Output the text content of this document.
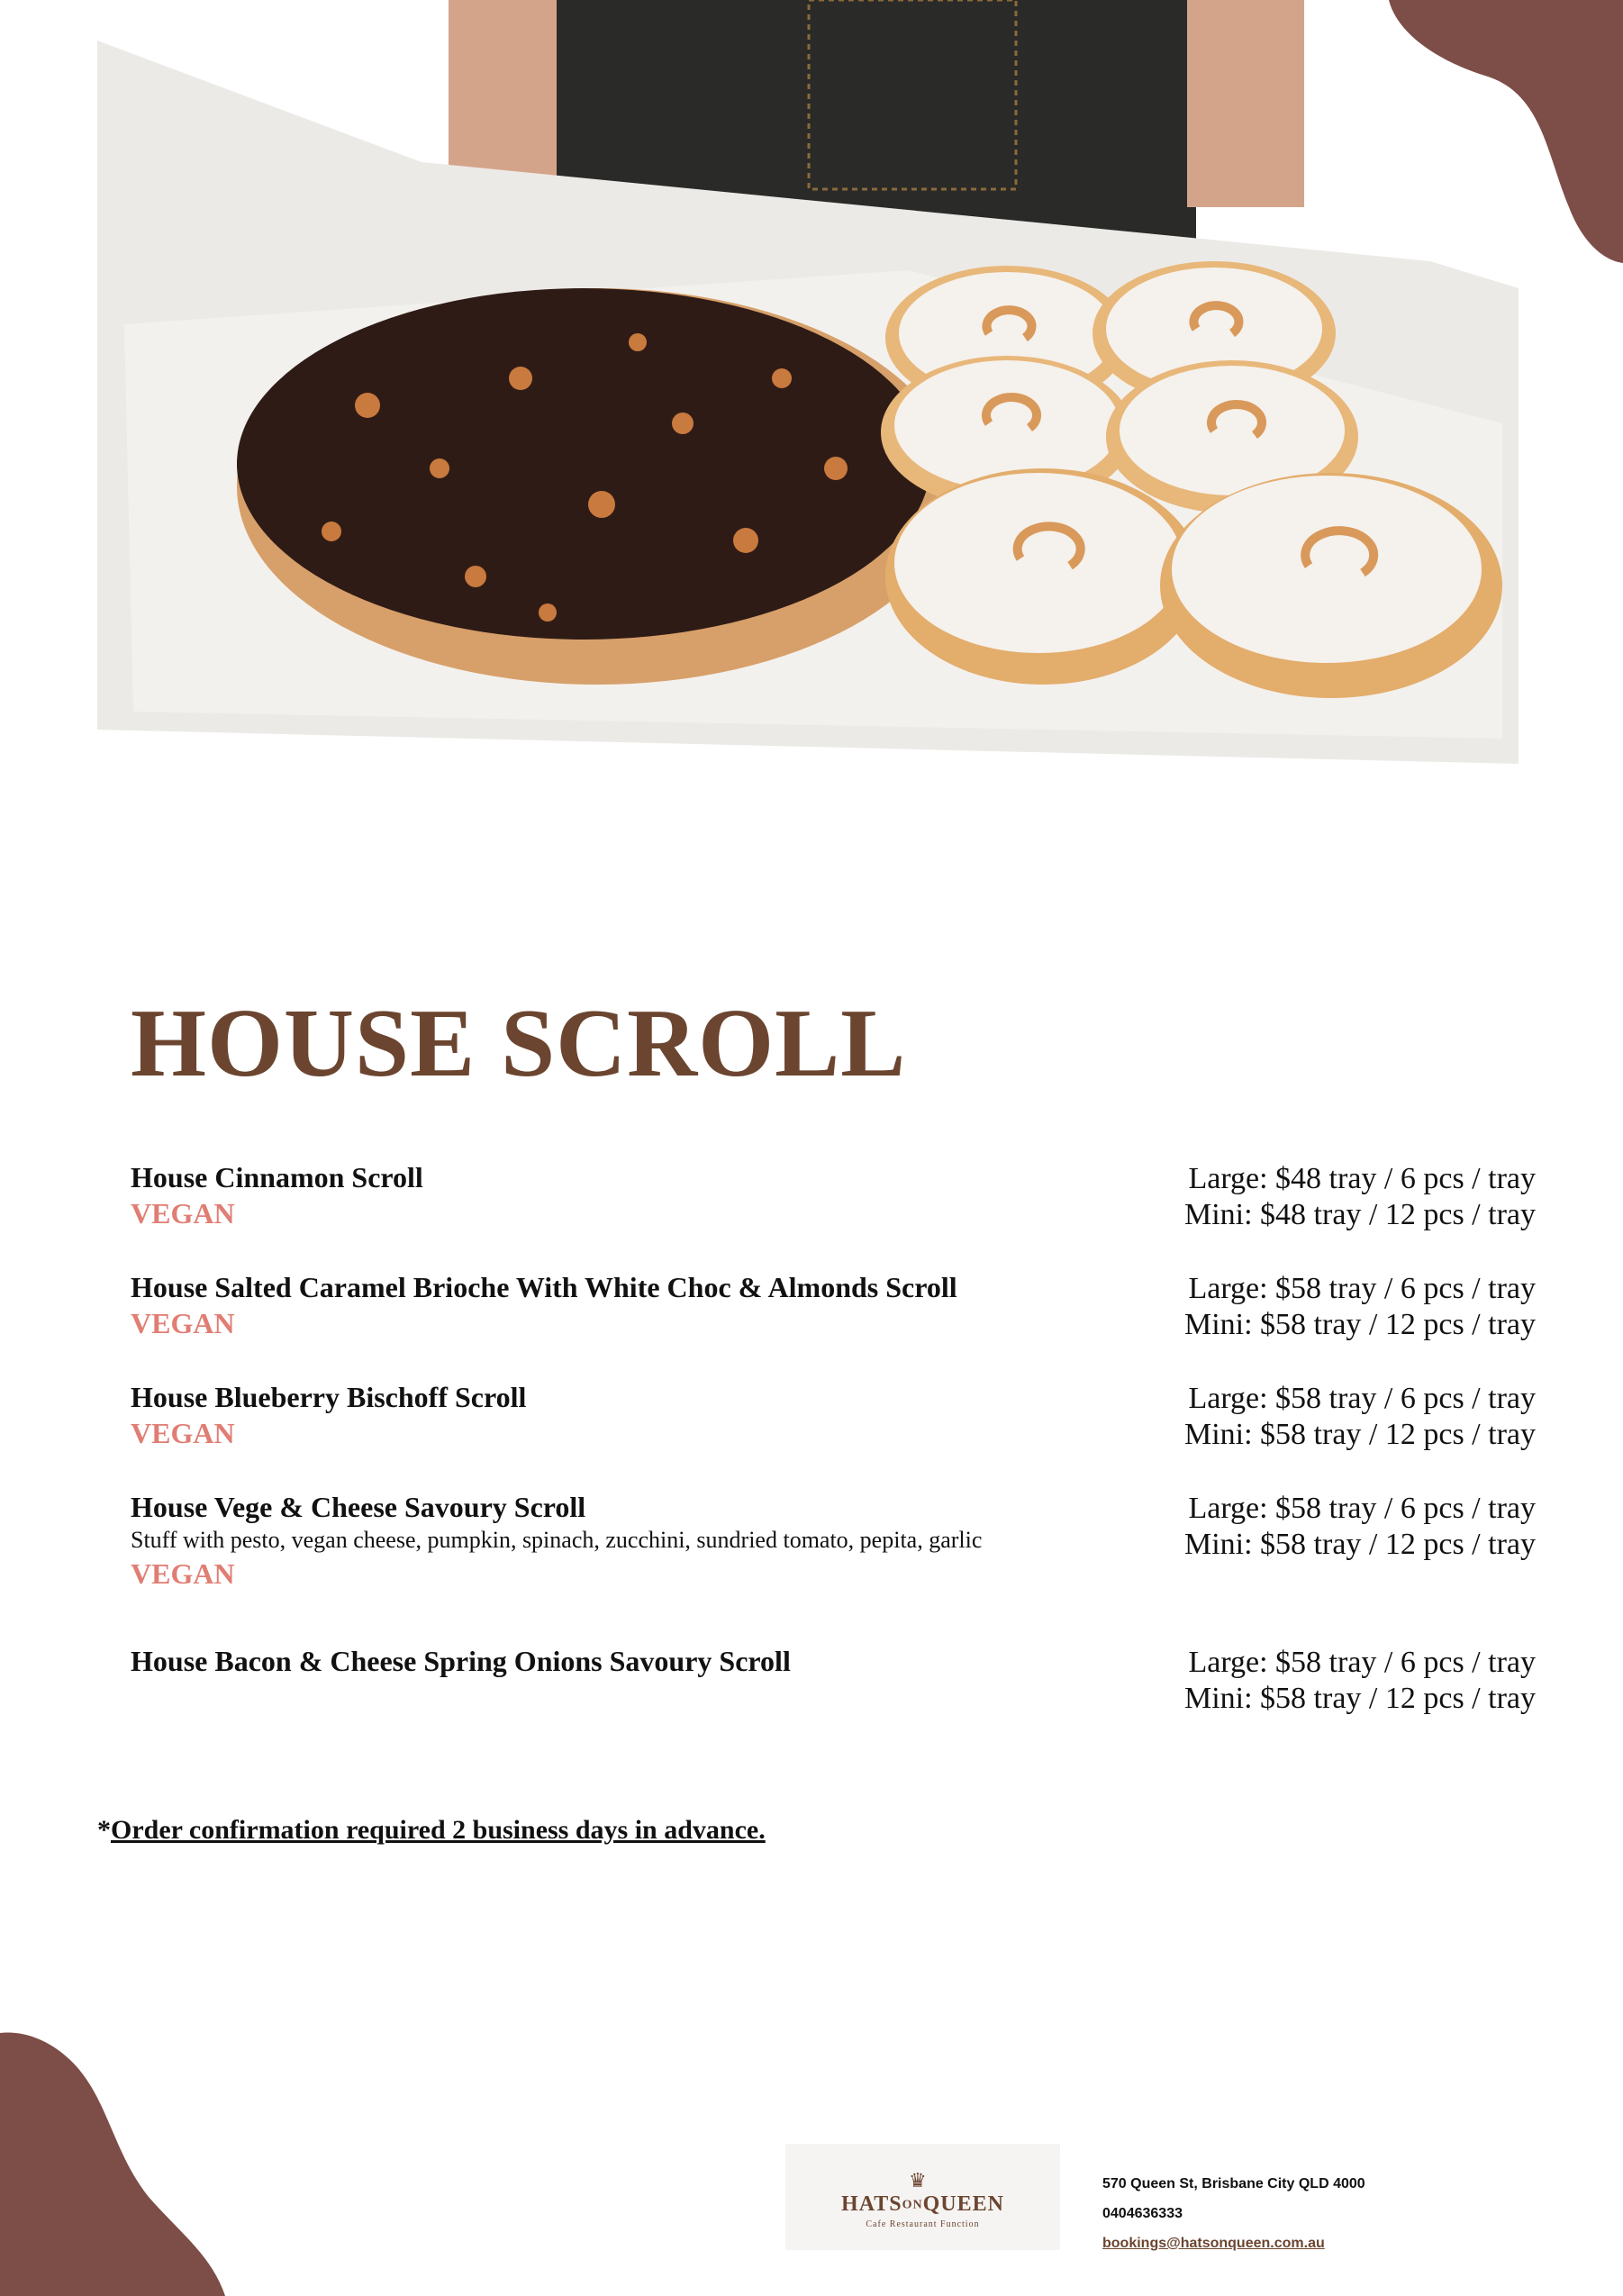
HOUSE SCROLL
House Cinnamon Scroll
VEGAN
Large: $48 tray / 6 pcs / tray
Mini: $48 tray / 12 pcs / tray
House Salted Caramel Brioche With White Choc & Almonds Scroll
VEGAN
Large: $58 tray / 6 pcs / tray
Mini: $58 tray / 12 pcs / tray
House Blueberry Bischoff Scroll
VEGAN
Large: $58 tray / 6 pcs / tray
Mini: $58 tray / 12 pcs / tray
House Vege & Cheese Savoury Scroll
Stuff with pesto, vegan cheese, pumpkin, spinach, zucchini, sundried tomato, pepita, garlic
VEGAN
Large: $58 tray / 6 pcs / tray
Mini: $58 tray / 12 pcs / tray
House Bacon & Cheese Spring Onions Savoury Scroll	Large: $58 tray / 6 pcs / tray
Mini: $58 tray / 12 pcs / tray
*Order confirmation required 2 business days in advance.
♛
HATSONQUEEN
Cafe Restaurant Function
570 Queen St, Brisbane City QLD 4000
0404636333
bookings@hatsonqueen.com.au
